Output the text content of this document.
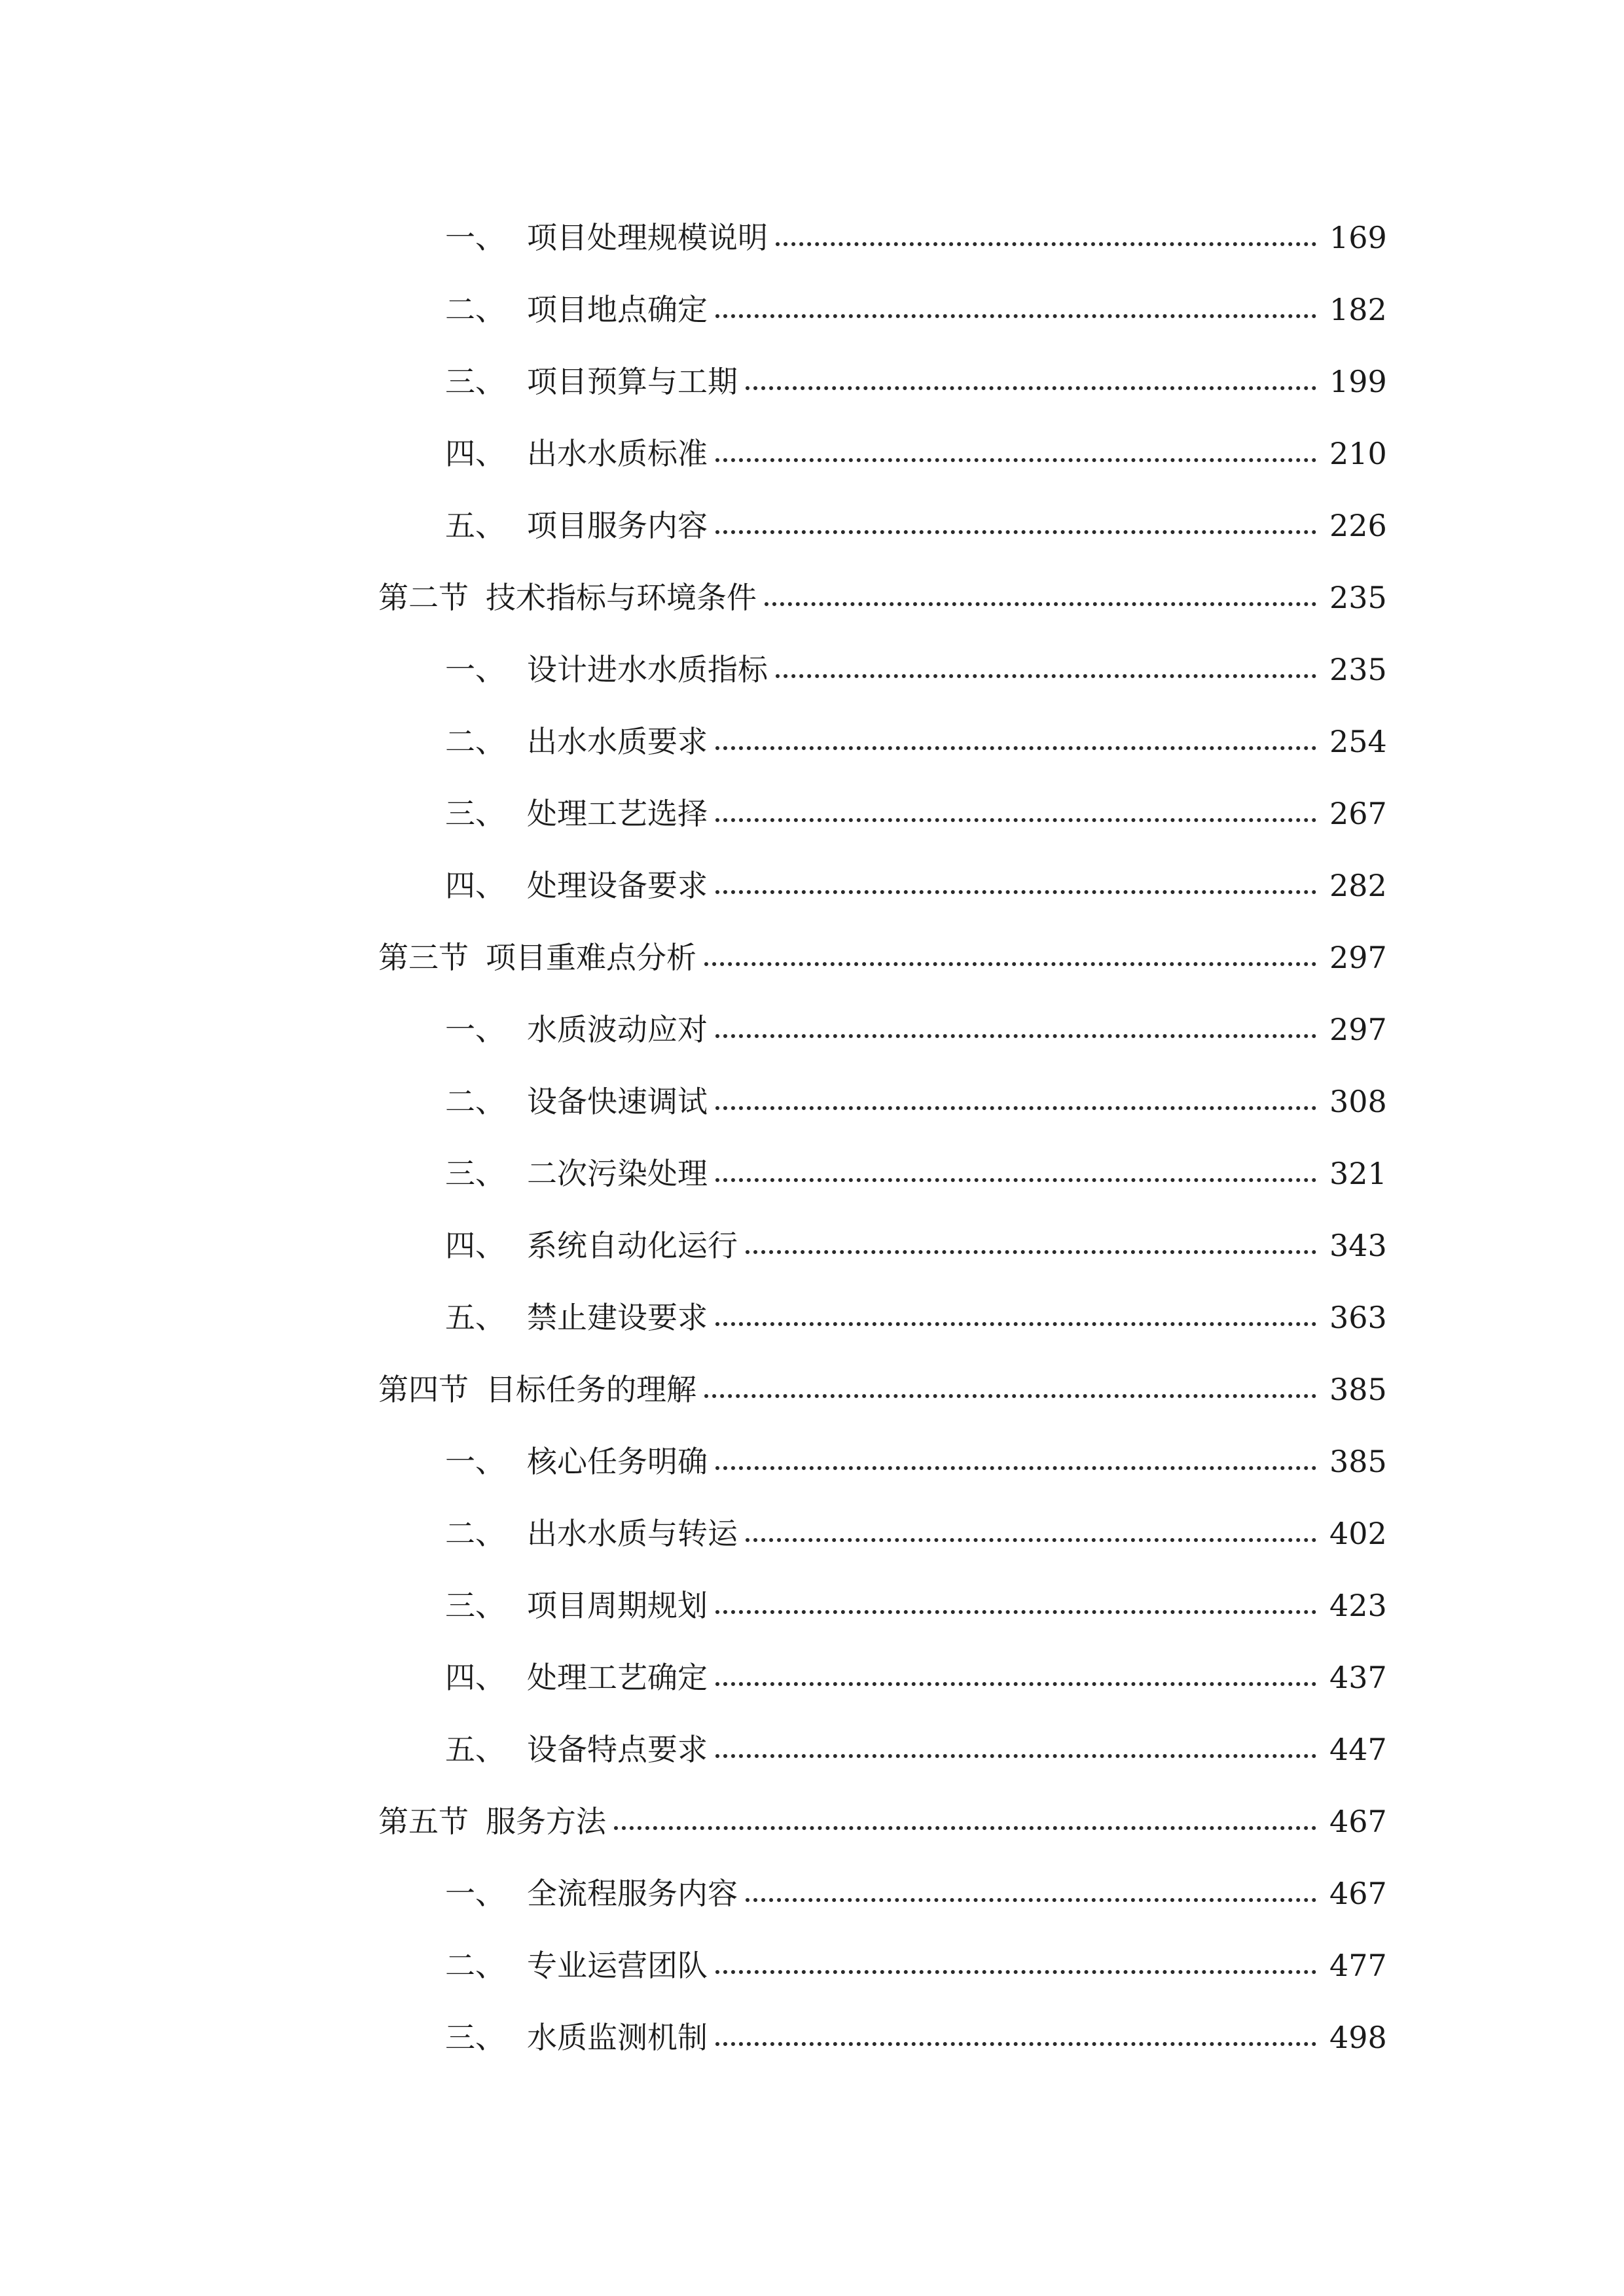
一、 项目处理规模说明	169
二、 项目地点确定	182
三、 项目预算与工期	199
四、 出水水质标准	210
五、 项目服务内容	226
第二节 技术指标与环境条件	235
一、 设计进水水质指标	235
二、 出水水质要求	254
三、 处理工艺选择	267
四、 处理设备要求	282
第三节 项目重难点分析	297
一、 水质波动应对	297
二、 设备快速调试	308
三、 二次污染处理	321
四、 系统自动化运行	343
五、 禁止建设要求	363
第四节 目标任务的理解	385
一、 核心任务明确	385
二、 出水水质与转运	402
三、 项目周期规划	423
四、 处理工艺确定	437
五、 设备特点要求	447
第五节 服务方法	467
一、 全流程服务内容	467
二、 专业运营团队	477
三、 水质监测机制	498
